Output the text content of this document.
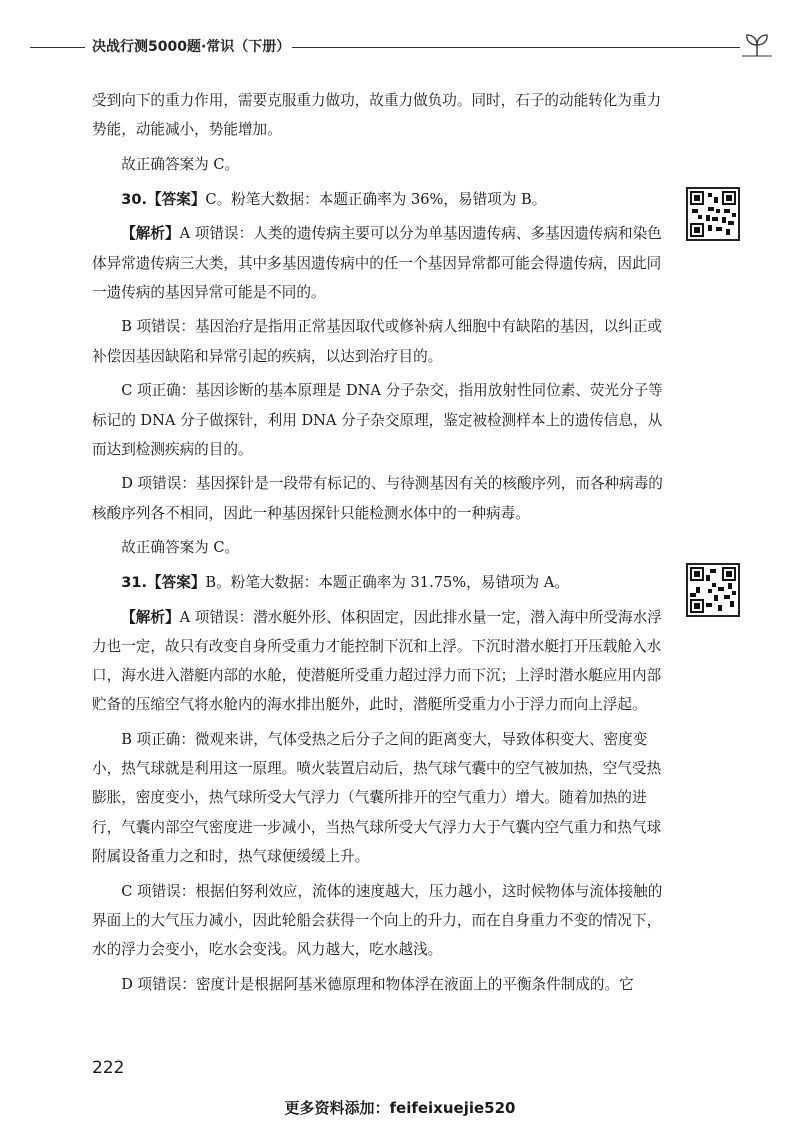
决战行测5000题·常识（下册）

受到向下的重力作用，需要克服重力做功，故重力做负功。同时，石子的动能转化为重力势能，动能减小，势能增加。

故正确答案为 C。

30.【答案】C。粉笔大数据：本题正确率为 36%，易错项为 B。

【解析】A 项错误：人类的遗传病主要可以分为单基因遗传病、多基因遗传病和染色体异常遗传病三大类，其中多基因遗传病中的任一个基因异常都可能会得遗传病，因此同一遗传病的基因异常可能是不同的。

B 项错误：基因治疗是指用正常基因取代或修补病人细胞中有缺陷的基因，以纠正或补偿因基因缺陷和异常引起的疾病，以达到治疗目的。

C 项正确：基因诊断的基本原理是 DNA 分子杂交，指用放射性同位素、荧光分子等标记的 DNA 分子做探针，利用 DNA 分子杂交原理，鉴定被检测样本上的遗传信息，从而达到检测疾病的目的。

D 项错误：基因探针是一段带有标记的、与待测基因有关的核酸序列，而各种病毒的核酸序列各不相同，因此一种基因探针只能检测水体中的一种病毒。

故正确答案为 C。

31.【答案】B。粉笔大数据：本题正确率为 31.75%，易错项为 A。

【解析】A 项错误：潜水艇外形、体积固定，因此排水量一定，潜入海中所受海水浮力也一定，故只有改变自身所受重力才能控制下沉和上浮。下沉时潜水艇打开压载舱入水口，海水进入潜艇内部的水舱，使潜艇所受重力超过浮力而下沉；上浮时潜水艇应用内部贮备的压缩空气将水舱内的海水排出艇外，此时，潜艇所受重力小于浮力而向上浮起。

B 项正确：微观来讲，气体受热之后分子之间的距离变大，导致体积变大、密度变小，热气球就是利用这一原理。喷火装置启动后，热气球气囊中的空气被加热，空气受热膨胀，密度变小，热气球所受大气浮力（气囊所排开的空气重力）增大。随着加热的进行，气囊内部空气密度进一步减小，当热气球所受大气浮力大于气囊内空气重力和热气球附属设备重力之和时，热气球便缓缓上升。

C 项错误：根据伯努利效应，流体的速度越大，压力越小，这时候物体与流体接触的界面上的大气压力减小，因此轮船会获得一个向上的升力，而在自身重力不变的情况下，水的浮力会变小，吃水会变浅。风力越大，吃水越浅。

D 项错误：密度计是根据阿基米德原理和物体浮在液面上的平衡条件制成的。它

222
更多资料添加：feifeixuejie520
